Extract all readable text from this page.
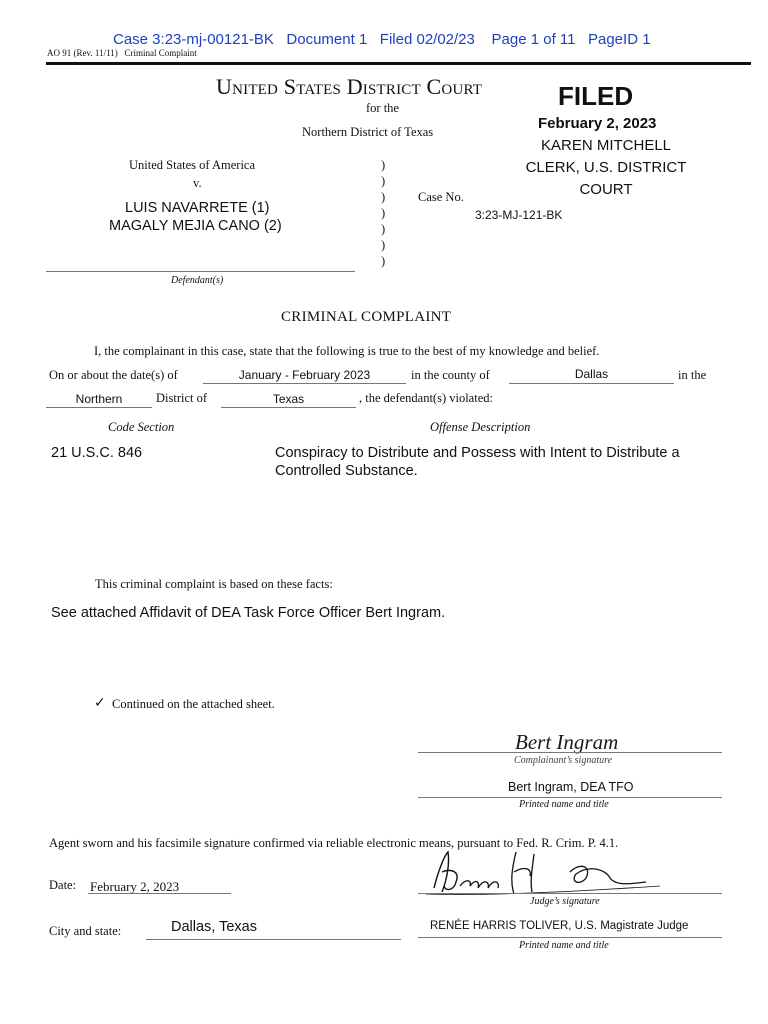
Case 3:23-mj-00121-BK   Document 1   Filed 02/02/23    Page 1 of 11   PageID 1
AO 91 (Rev. 11/11)   Criminal Complaint
United States District Court
for the
Northern District of Texas
FILED
February 2, 2023
KAREN MITCHELL
CLERK, U.S. DISTRICT
COURT
United States of America
v.
LUIS NAVARRETE (1)
MAGALY MEJIA CANO (2)
Defendant(s)
)
)
)
)
)
)
)
Case No.
3:23-MJ-121-BK
CRIMINAL COMPLAINT
I, the complainant in this case, state that the following is true to the best of my knowledge and belief.
On or about the date(s) of	January - February 2023	in the county of	Dallas	in the
Northern	District of	Texas	, the defendant(s) violated:
Code Section	Offense Description
21 U.S.C. 846	Conspiracy to Distribute and Possess with Intent to Distribute a
Controlled Substance.
This criminal complaint is based on these facts:
See attached Affidavit of DEA Task Force Officer Bert Ingram.
✓ Continued on the attached sheet.
Bert Ingram
Complainant’s signature
Bert Ingram, DEA TFO
Printed name and title
Agent sworn and his facsimile signature confirmed via reliable electronic means, pursuant to Fed. R. Crim. P. 4.1.
Date: February 2, 2023
Judge’s signature
City and state:	Dallas, Texas	RENÉE HARRIS TOLIVER, U.S. Magistrate Judge
Printed name and title
